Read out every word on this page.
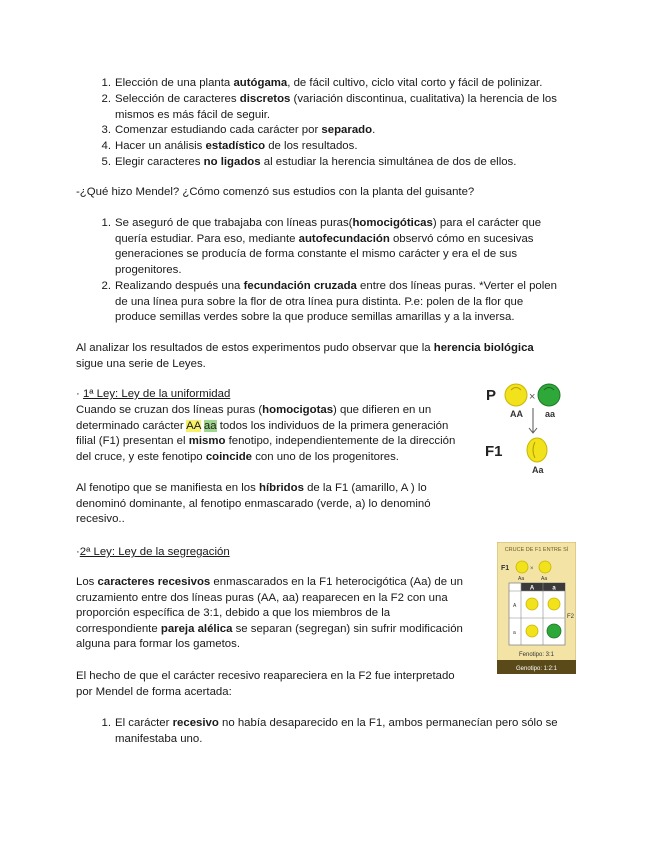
1. Elección de una planta autógama, de fácil cultivo, ciclo vital corto y fácil de polinizar.
2. Selección de caracteres discretos (variación discontinua, cualitativa) la herencia de los
mismos es más fácil de seguir.
3. Comenzar estudiando cada carácter por separado.
4. Hacer un análisis estadístico de los resultados.
5. Elegir caracteres no ligados al estudiar la herencia simultánea de dos de ellos.

-¿Qué hizo Mendel? ¿Cómo comenzó sus estudios con la planta del guisante?

1. Se aseguró de que trabajaba con líneas puras(homocigóticas) para el carácter que
quería estudiar. Para eso, mediante autofecundación observó cómo en sucesivas
generaciones se producía de forma constante el mismo carácter y era el de sus
progenitores.
2. Realizando después una fecundación cruzada entre dos líneas puras. *Verter el polen
de una línea pura sobre la flor de otra línea pura distinta. P.e: polen de la flor que
produce semillas verdes sobre la que produce semillas amarillas y a la inversa.

Al analizar los resultados de estos experimentos pudo observar que la herencia biológica
sigue una serie de Leyes.

· 1ª Ley: Ley de la uniformidad

Cuando se cruzan dos líneas puras (homocigotas) que difieren en un
determinado carácter AA aa todos los individuos de la primera generación
filial (F1) presentan el mismo fenotipo, independientemente de la dirección
del cruce, y este fenotipo coincide con uno de los progenitores.

Al fenotipo que se manifiesta en los híbridos de la F1 (amarillo, A ) lo
denominó dominante, al fenotipo enmascarado (verde, a) lo denominó
recesivo..

P	×
AA aa
F1
Aa

·2ª Ley: Ley de la segregación

Los caracteres recesivos enmascarados en la F1 heterocigótica (Aa) de un
cruzamiento entre dos líneas puras (AA, aa) reaparecen en la F2 con una
proporción específica de 3:1, debido a que los miembros de la
correspondiente pareja alélica se separan (segregan) sin sufrir modificación
alguna para formar los gametos.

El hecho de que el carácter recesivo reapareciera en la F2 fue interpretado
por Mendel de forma acertada:

CRUCE DE F1 ENTRE SÍ
F1	×
Aa	Aa
A	a
A
a
F2
Fenotipo: 3:1
Genotipo: 1:2:1
1. El carácter recesivo no había desaparecido en la F1, ambos permanecían pero sólo se
manifestaba uno.
